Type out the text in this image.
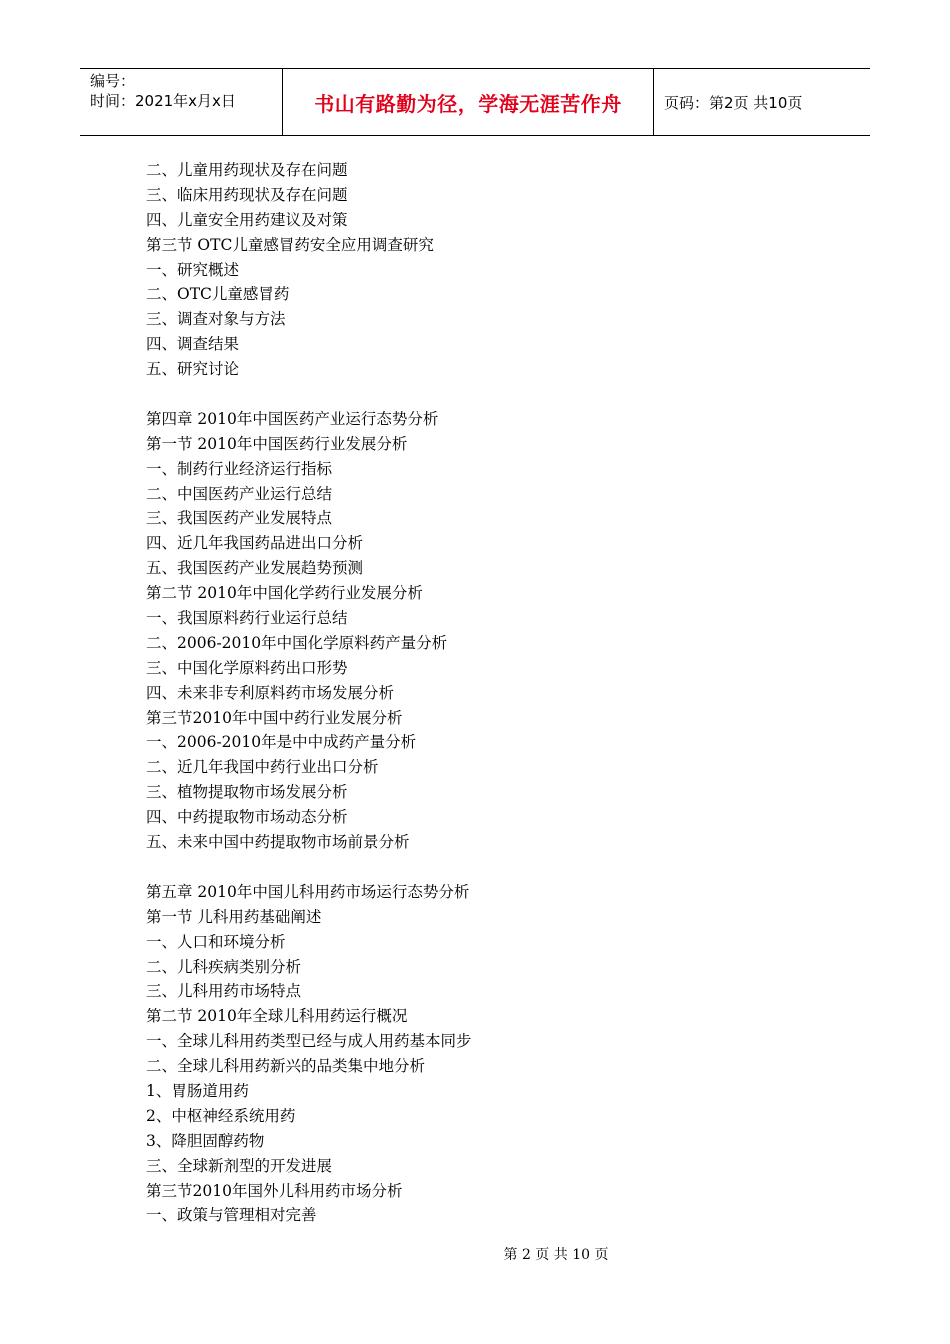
编号：
时间：2021年x月x日	书山有路勤为径，学海无涯苦作舟	页码：第2页 共10页
二、儿童用药现状及存在问题
三、临床用药现状及存在问题
四、儿童安全用药建议及对策
第三节 OTC儿童感冒药安全应用调查研究
一、研究概述
二、OTC儿童感冒药
三、调查对象与方法
四、调查结果
五、研究讨论
第四章 2010年中国医药产业运行态势分析
第一节 2010年中国医药行业发展分析
一、制药行业经济运行指标
二、中国医药产业运行总结
三、我国医药产业发展特点
四、近几年我国药品进出口分析
五、我国医药产业发展趋势预测
第二节 2010年中国化学药行业发展分析
一、我国原料药行业运行总结
二、2006-2010年中国化学原料药产量分析
三、中国化学原料药出口形势
四、未来非专利原料药市场发展分析
第三节2010年中国中药行业发展分析
一、2006-2010年是中中成药产量分析
二、近几年我国中药行业出口分析
三、植物提取物市场发展分析
四、中药提取物市场动态分析
五、未来中国中药提取物市场前景分析
第五章 2010年中国儿科用药市场运行态势分析
第一节 儿科用药基础阐述
一、人口和环境分析
二、儿科疾病类别分析
三、儿科用药市场特点
第二节 2010年全球儿科用药运行概况
一、全球儿科用药类型已经与成人用药基本同步
二、全球儿科用药新兴的品类集中地分析
1、胃肠道用药
2、中枢神经系统用药
3、降胆固醇药物
三、全球新剂型的开发进展
第三节2010年国外儿科用药市场分析
一、政策与管理相对完善
第 2 页 共 10 页
